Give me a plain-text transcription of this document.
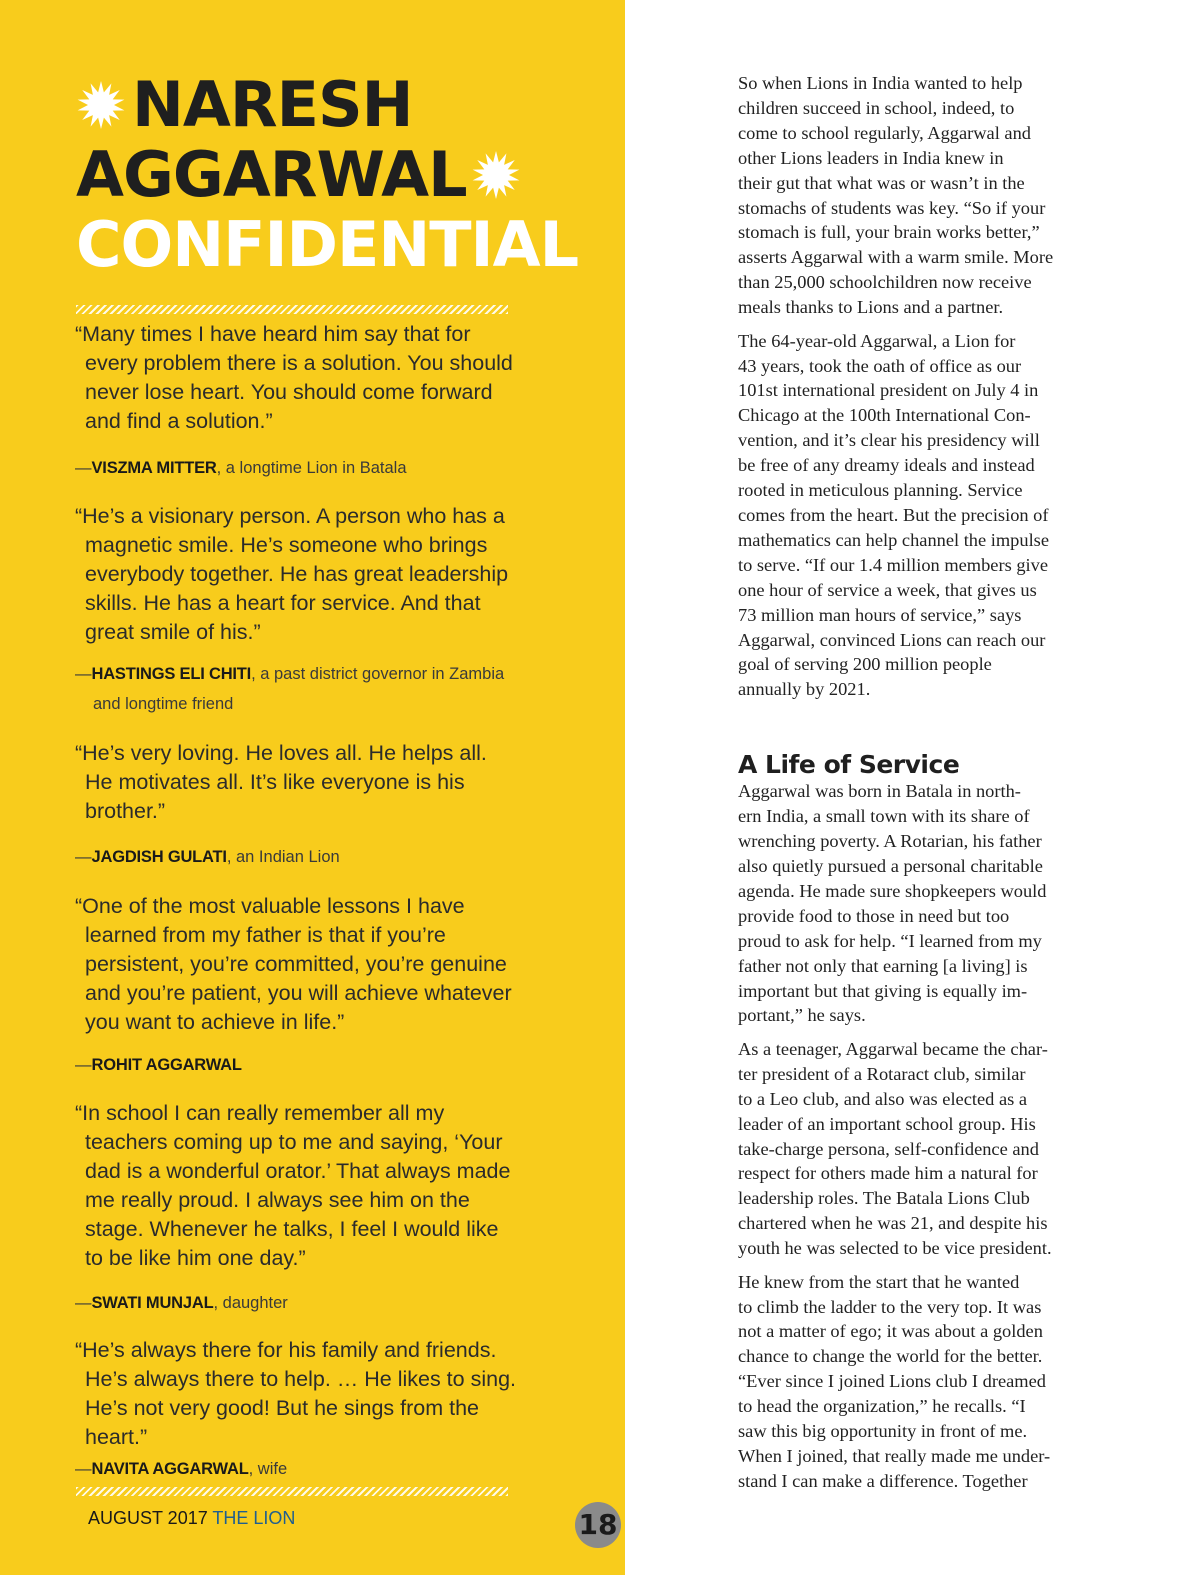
NARESH
AGGARWAL
CONFIDENTIAL
“Many times I have heard him say that for every problem there is a solution. You should never lose heart. You should come forward and find a solution.”
—VISZMA MITTER, a longtime Lion in Batala
“He’s a visionary person. A person who has a magnetic smile. He’s someone who brings everybody together. He has great leadership skills. He has a heart for service. And that great smile of his.”
—HASTINGS ELI CHITI, a past district governor in Zambia and longtime friend
“He’s very loving. He loves all. He helps all. He motivates all. It’s like everyone is his brother.”
—JAGDISH GULATI, an Indian Lion
“One of the most valuable lessons I have learned from my father is that if you’re persistent, you’re committed, you’re genuine and you’re patient, you will achieve whatever you want to achieve in life.”
—ROHIT AGGARWAL
“In school I can really remember all my teachers coming up to me and saying, ‘Your dad is a wonderful orator.’ That always made me really proud. I always see him on the stage. Whenever he talks, I feel I would like to be like him one day.”
—SWATI MUNJAL, daughter
“He’s always there for his family and friends. He’s always there to help. … He likes to sing. He’s not very good! But he sings from the heart.”
—NAVITA AGGARWAL, wife
AUGUST 2017 THE LION	18
So when Lions in India wanted to help
children succeed in school, indeed, to
come to school regularly, Aggarwal and
other Lions leaders in India knew in
their gut that what was or wasn’t in the
stomachs of students was key. “So if your
stomach is full, your brain works better,”
asserts Aggarwal with a warm smile. More
than 25,000 schoolchildren now receive
meals thanks to Lions and a partner.
The 64-year-old Aggarwal, a Lion for
43 years, took the oath of office as our
101st international president on July 4 in
Chicago at the 100th International Con-
vention, and it’s clear his presidency will
be free of any dreamy ideals and instead
rooted in meticulous planning. Service
comes from the heart. But the precision of
mathematics can help channel the impulse
to serve. “If our 1.4 million members give
one hour of service a week, that gives us
73 million man hours of service,” says
Aggarwal, convinced Lions can reach our
goal of serving 200 million people
annually by 2021.
A Life of Service
Aggarwal was born in Batala in north-
ern India, a small town with its share of
wrenching poverty. A Rotarian, his father
also quietly pursued a personal charitable
agenda. He made sure shopkeepers would
provide food to those in need but too
proud to ask for help. “I learned from my
father not only that earning [a living] is
important but that giving is equally im-
portant,” he says.
As a teenager, Aggarwal became the char-
ter president of a Rotaract club, similar
to a Leo club, and also was elected as a
leader of an important school group. His
take-charge persona, self-confidence and
respect for others made him a natural for
leadership roles. The Batala Lions Club
chartered when he was 21, and despite his
youth he was selected to be vice president.
He knew from the start that he wanted
to climb the ladder to the very top. It was
not a matter of ego; it was about a golden
chance to change the world for the better.
“Ever since I joined Lions club I dreamed
to head the organization,” he recalls. “I
saw this big opportunity in front of me.
When I joined, that really made me under-
stand I can make a difference. Together
